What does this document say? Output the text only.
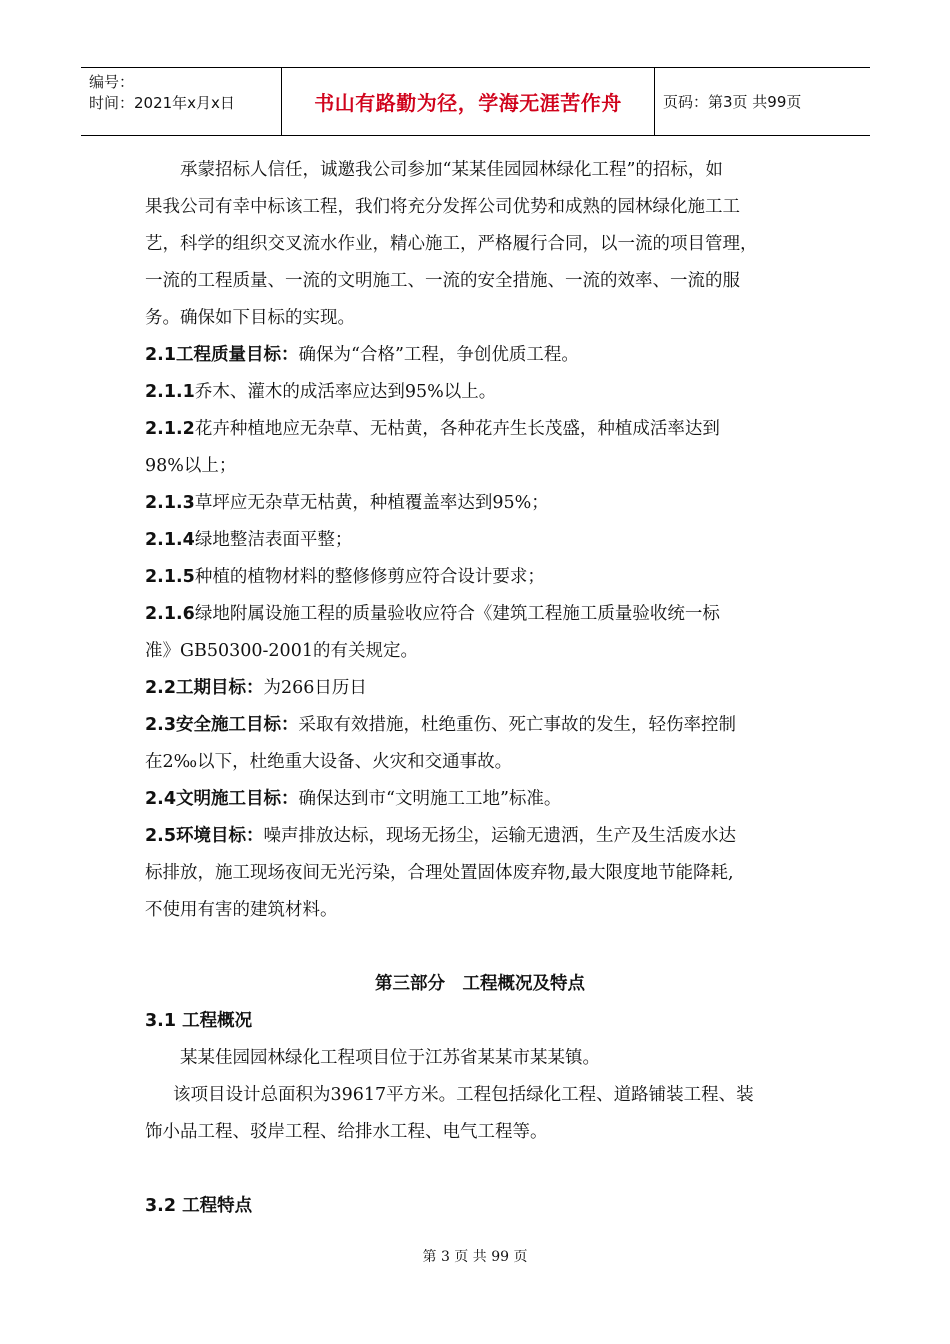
编号：
时间：2021年x月x日	书山有路勤为径，学海无涯苦作舟	页码：第3页 共99页

承蒙招标人信任，诚邀我公司参加“某某佳园园林绿化工程”的招标，如

果我公司有幸中标该工程，我们将充分发挥公司优势和成熟的园林绿化施工工

艺，科学的组织交叉流水作业，精心施工，严格履行合同，以一流的项目管理，

一流的工程质量、一流的文明施工、一流的安全措施、一流的效率、一流的服

务。确保如下目标的实现。

2.1工程质量目标：确保为“合格”工程，争创优质工程。

2.1.1乔木、灌木的成活率应达到95%以上。

2.1.2花卉种植地应无杂草、无枯黄，各种花卉生长茂盛，种植成活率达到

98%以上；

2.1.3草坪应无杂草无枯黄，种植覆盖率达到95%；

2.1.4绿地整洁表面平整；

2.1.5种植的植物材料的整修修剪应符合设计要求；

2.1.6绿地附属设施工程的质量验收应符合《建筑工程施工质量验收统一标

准》GB50300-2001的有关规定。

2.2工期目标：为266日历日

2.3安全施工目标：采取有效措施，杜绝重伤、死亡事故的发生，轻伤率控制

在2‰以下，杜绝重大设备、火灾和交通事故。

2.4文明施工目标：确保达到市“文明施工工地”标准。

2.5环境目标：噪声排放达标，现场无扬尘，运输无遗洒，生产及生活废水达

标排放，施工现场夜间无光污染，合理处置固体废弃物,最大限度地节能降耗,

不使用有害的建筑材料。

第三部分　工程概况及特点

3.1 工程概况

某某佳园园林绿化工程项目位于江苏省某某市某某镇。

该项目设计总面积为39617平方米。工程包括绿化工程、道路铺装工程、装

饰小品工程、驳岸工程、给排水工程、电气工程等。

3.2 工程特点

第 3 页 共 99 页
